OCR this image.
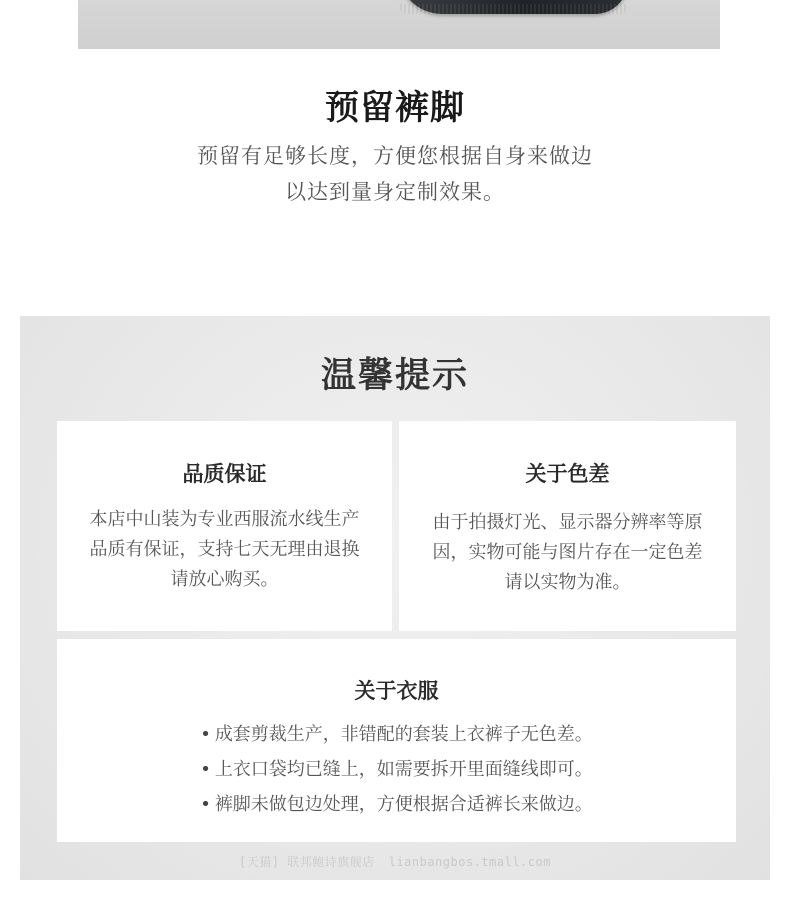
预留裤脚
预留有足够长度，方便您根据自身来做边
以达到量身定制效果。
温馨提示
品质保证
本店中山装为专业西服流水线生产
品质有保证，支持七天无理由退换
请放心购买。
关于色差
由于拍摄灯光、显示器分辨率等原
因，实物可能与图片存在一定色差
请以实物为准。
关于衣服
• 成套剪裁生产，非错配的套装上衣裤子无色差。
• 上衣口袋均已缝上，如需要拆开里面缝线即可。
• 裤脚未做包边处理，方便根据合适裤长来做边。
[天猫] 联邦鲍诗旗舰店 lianbangbos.tmall.com
